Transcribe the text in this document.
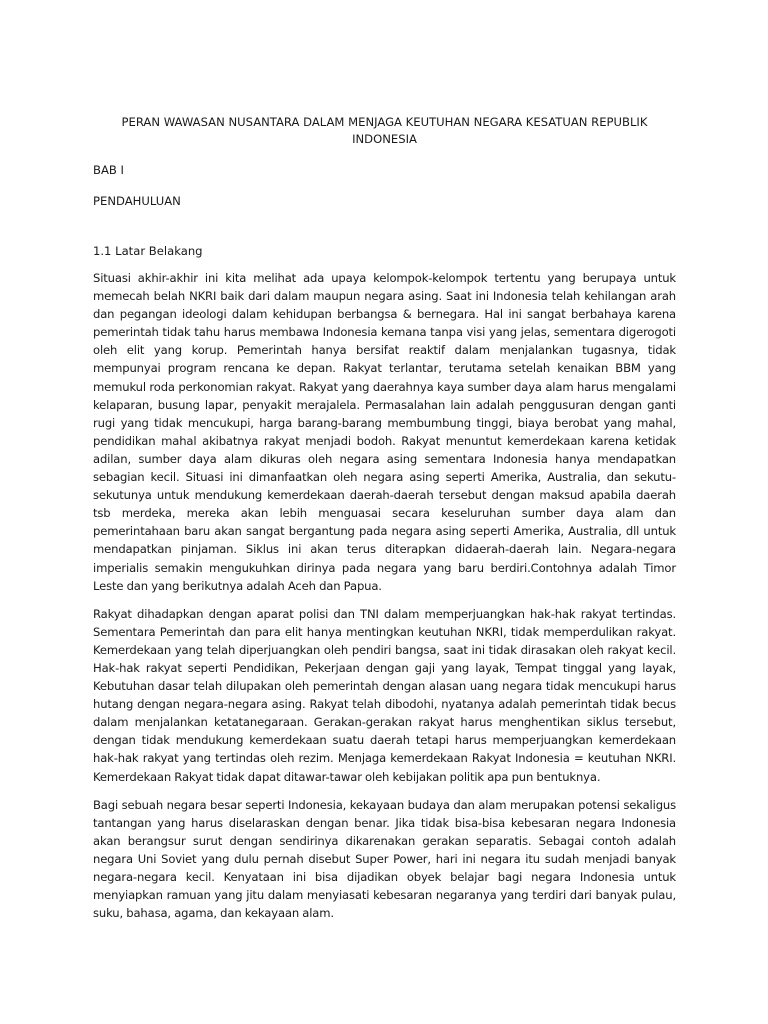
PERAN WAWASAN NUSANTARA DALAM MENJAGA KEUTUHAN NEGARA KESATUAN REPUBLIK INDONESIA
BAB I
PENDAHULUAN
1.1 Latar Belakang

Situasi akhir-akhir ini kita melihat ada upaya kelompok-kelompok tertentu yang berupaya untuk memecah belah NKRI baik dari dalam maupun negara asing. Saat ini Indonesia telah kehilangan arah dan pegangan ideologi dalam kehidupan berbangsa & bernegara. Hal ini sangat berbahaya karena pemerintah ti̇dak tahu harus membawa Indonesia kemana tanpa visi yang jelas, sementara digerogoti̇ oleh elit yang korup. Pemerintah hanya bersifat reakti̇f dalam menjalankan tugasnya, ti̇dak mempunyai program rencana ke depan. Rakyat terlantar, terutama setelah kenaikan BBM yang memukul roda perkonomian rakyat. Rakyat yang daerahnya kaya sumber daya alam harus mengalami kelaparan, busung lapar, penyakit merajalela. Permasalahan lain adalah penggusuran dengan ganti̇ rugi yang ti̇dak mencukupi, harga barang-barang membumbung ti̇nggi, biaya berobat yang mahal, pendidikan mahal akibatnya rakyat menjadi bodoh. Rakyat menuntut kemerdekaan karena keti̇dak adilan, sumber daya alam dikuras oleh negara asing sementara Indonesia hanya mendapatkan sebagian kecil. Situasi ini dimanfaatkan oleh negara asing seperti̇ Amerika, Australia, dan sekutu-sekutunya untuk mendukung kemerdekaan daerah-daerah tersebut dengan maksud apabila daerah tsb merdeka, mereka akan lebih menguasai secara keseluruhan sumber daya alam dan pemerintahaan baru akan sangat bergantung pada negara asing seperti̇ Amerika, Australia, dll untuk mendapatkan pinjaman. Siklus ini akan terus diterapkan didaerah-daerah lain. Negara-negara imperialis semakin mengukuhkan dirinya pada negara yang baru berdiri.Contohnya adalah Timor Leste dan yang berikutnya adalah Aceh dan Papua.

Rakyat dihadapkan dengan aparat polisi dan TNI dalam memperjuangkan hak-hak rakyat terti̇ndas. Sementara Pemerintah dan para elit hanya menti̇ngkan keutuhan NKRI, ti̇dak memperdulikan rakyat. Kemerdekaan yang telah diperjuangkan oleh pendiri bangsa, saat ini ti̇dak dirasakan oleh rakyat kecil. Hak-hak rakyat seperti̇ Pendidikan, Pekerjaan dengan gaji yang layak, Tempat ti̇nggal yang layak, Kebutuhan dasar telah dilupakan oleh pemerintah dengan alasan uang negara ti̇dak mencukupi harus hutang dengan negara-negara asing. Rakyat telah dibodohi, nyatanya adalah pemerintah ti̇dak becus dalam menjalankan ketatanegaraan. Gerakan-gerakan rakyat harus menghenti̇kan siklus tersebut, dengan ti̇dak mendukung kemerdekaan suatu daerah tetapi harus memperjuangkan kemerdekaan hak-hak rakyat yang terti̇ndas oleh rezim. Menjaga kemerdekaan Rakyat Indonesia = keutuhan NKRI. Kemerdekaan Rakyat ti̇dak dapat ditawar-tawar oleh kebijakan politi̇k apa pun bentuknya.

Bagi sebuah negara besar seperti̇ Indonesia, kekayaan budaya dan alam merupakan potensi sekaligus tantangan yang harus diselaraskan dengan benar. Jika ti̇dak bisa-bisa kebesaran negara Indonesia akan berangsur surut dengan sendirinya dikarenakan gerakan separati̇s. Sebagai contoh adalah negara Uni Soviet yang dulu pernah disebut Super Power, hari ini negara itu sudah menjadi banyak negara-negara kecil. Kenyataan ini bisa dijadikan obyek belajar bagi negara Indonesia untuk menyiapkan ramuan yang jitu dalam menyiasati̇ kebesaran negaranya yang terdiri dari banyak pulau, suku, bahasa, agama, dan kekayaan alam.
